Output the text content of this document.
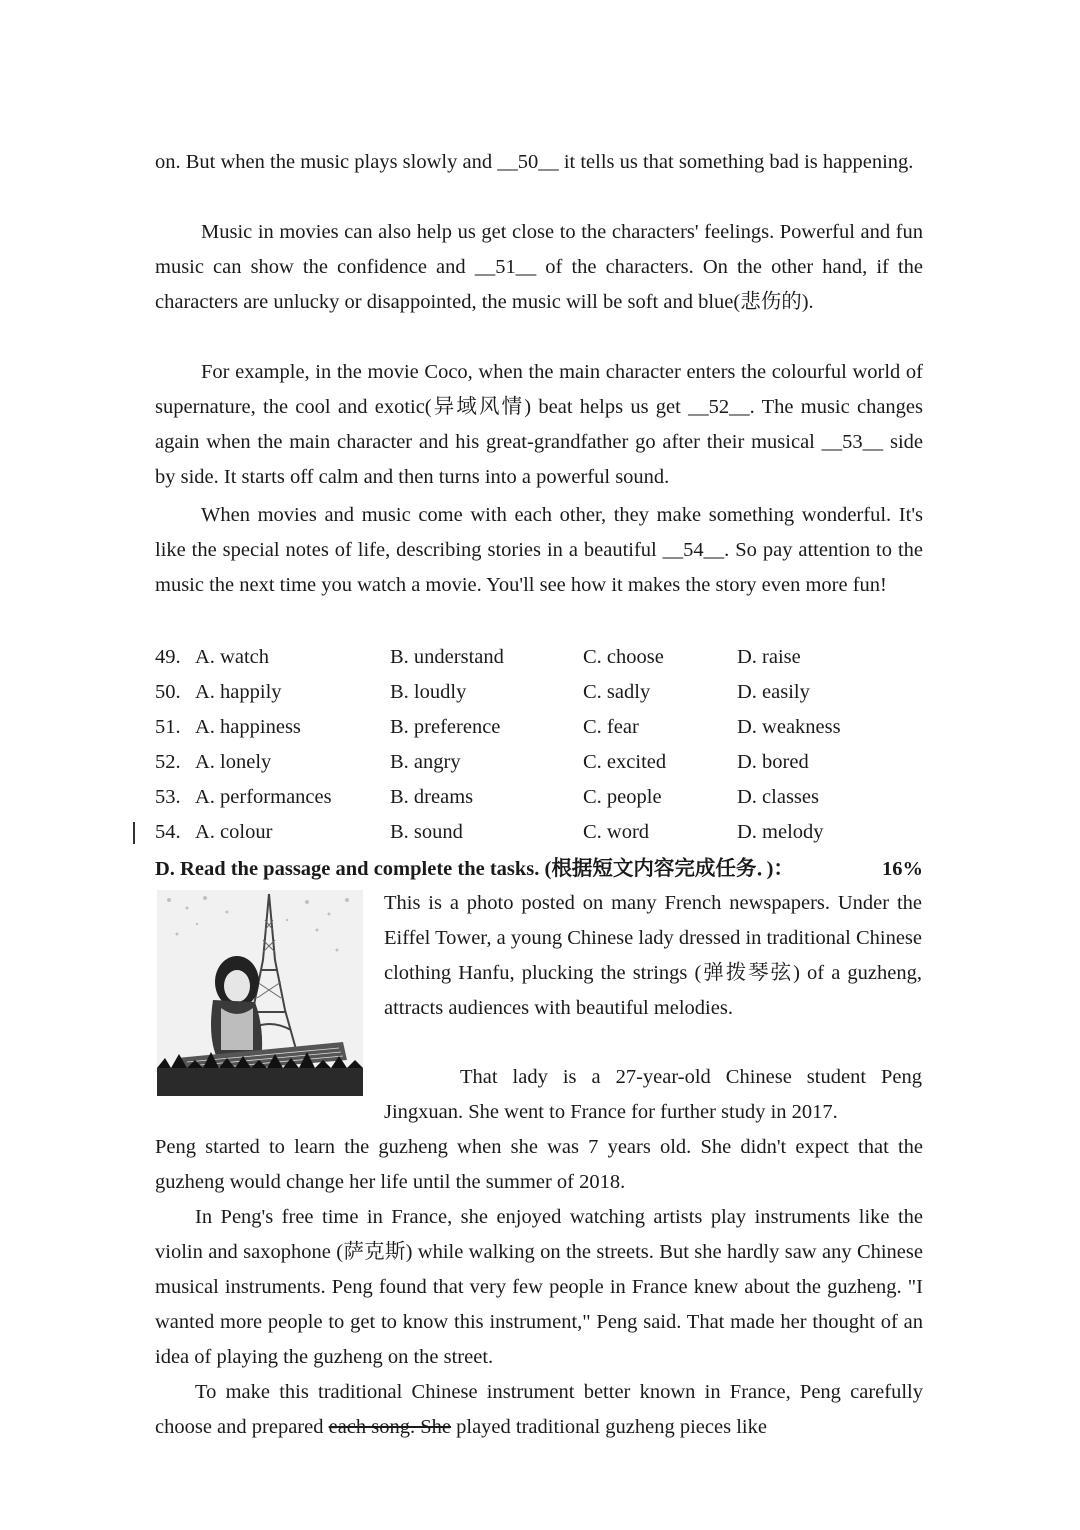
on. But when the music plays slowly and __50__ it tells us that something bad is happening.

Music in movies can also help us get close to the characters' feelings. Powerful and fun music can show the confidence and __51__ of the characters. On the other hand, if the characters are unlucky or disappointed, the music will be soft and blue(悲伤的).

For example, in the movie Coco, when the main character enters the colourful world of supernature, the cool and exotic(异域风情) beat helps us get __52__. The music changes again when the main character and his great-grandfather go after their musical __53__ side by side. It starts off calm and then turns into a powerful sound.

When movies and music come with each other, they make something wonderful. It's like the special notes of life, describing stories in a beautiful __54__. So pay attention to the music the next time you watch a movie. You'll see how it makes the story even more fun!

49. A. watch	B. understand	C. choose	D. raise
50. A. happily	B. loudly	C. sadly	D. easily
51. A. happiness	B. preference	C. fear	D. weakness
52. A. lonely	B. angry	C. excited	D. bored
53. A. performances	B. dreams	C. people	D. classes
54. A. colour	B. sound	C. word	D. melody
D. Read the passage and complete the tasks. (根据短文内容完成任务．)：	16%

This is a photo posted on many French newspapers. Under the Eiffel Tower, a young Chinese lady dressed in traditional Chinese clothing Hanfu, plucking the strings (弹拨琴弦) of a guzheng, attracts audiences with beautiful melodies.

That lady is a 27-year-old Chinese student Peng Jingxuan. She went to France for further study in 2017.

Peng started to learn the guzheng when she was 7 years old. She didn't expect that the guzheng would change her life until the summer of 2018.

In Peng's free time in France, she enjoyed watching artists play instruments like the violin and saxophone (萨克斯) while walking on the streets. But she hardly saw any Chinese musical instruments. Peng found that very few people in France knew about the guzheng. "I wanted more people to get to know this instrument," Peng said. That made her thought of an idea of playing the guzheng on the street.

To make this traditional Chinese instrument better known in France, Peng carefully choose and prepared each song. She played traditional guzheng pieces like
